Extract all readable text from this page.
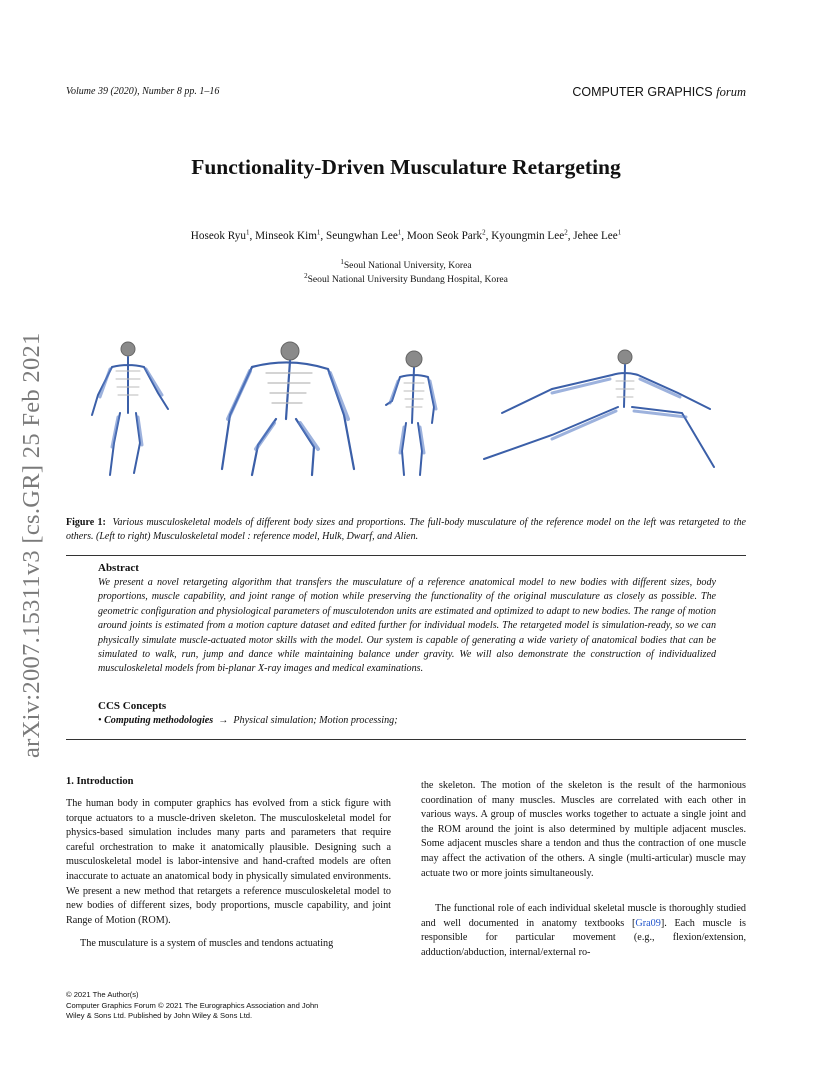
Volume 39 (2020), Number 8 pp. 1–16	COMPUTER GRAPHICS forum
Functionality-Driven Musculature Retargeting
Hoseok Ryu$^1$, Minseok Kim$^1$, Seungwhan Lee$^1$, Moon Seok Park$^2$, Kyoungmin Lee$^2$, Jehee Lee$^1$
$^1$Seoul National University, Korea
$^2$Seoul National University Bundang Hospital, Korea
arXiv:2007.15311v3 [cs.GR] 25 Feb 2021 Figure 1: Various musculoskeletal models of different body sizes and proportions. The full-body musculature of the reference model on the left was retargeted to the others. (Left to right) Musculoskeletal model : reference model, Hulk, Dwarf, and Alien.
Abstract
We present a novel retargeting algorithm that transfers the musculature of a reference anatomical model to new bodies with different sizes, body proportions, muscle capability, and joint range of motion while preserving the functionality of the original musculature as closely as possible. The geometric configuration and physiological parameters of musculotendon units are estimated and optimized to adapt to new bodies. The range of motion around joints is estimated from a motion capture dataset and edited further for individual models. The retargeted model is simulation-ready, so we can physically simulate muscle-actuated motor skills with the model. Our system is capable of generating a wide variety of anatomical bodies that can be simulated to walk, run, jump and dance while maintaining balance under gravity. We will also demonstrate the construction of individualized musculoskeletal models from bi-planar X-ray images and medical examinations.
CCS Concepts
• Computing methodologies → Physical simulation; Motion processing;
1. Introduction

The human body in computer graphics has evolved from a stick figure with torque actuators to a muscle-driven skeleton. The musculoskeletal model for physics-based simulation includes many parts and parameters that require careful orchestration to make it anatomically plausible. Designing such a musculoskeletal model is labor-intensive and hand-crafted models are often inaccurate to actuate an anatomical body in physically simulated environments. We present a new method that retargets a reference musculoskeletal model to new bodies of different sizes, body proportions, muscle capability, and joint Range of Motion (ROM).

The musculature is a system of muscles and tendons actuating

the skeleton. The motion of the skeleton is the result of the harmonious coordination of many muscles. Muscles are correlated with each other in various ways. A group of muscles works together to actuate a single joint and the ROM around the joint is also determined by multiple adjacent muscles. Some adjacent muscles share a tendon and thus the contraction of one muscle may affect the activation of the others. A single (multi-articular) muscle may actuate two or more joints simultaneously.

The functional role of each individual skeletal muscle is thoroughly studied and well documented in anatomy textbooks [Gra09]. Each muscle is responsible for particular movement (e.g., flexion/extension, adduction/abduction, internal/external ro-

© 2021 The Author(s)
Computer Graphics Forum © 2021 The Eurographics Association and John
Wiley & Sons Ltd. Published by John Wiley & Sons Ltd.
